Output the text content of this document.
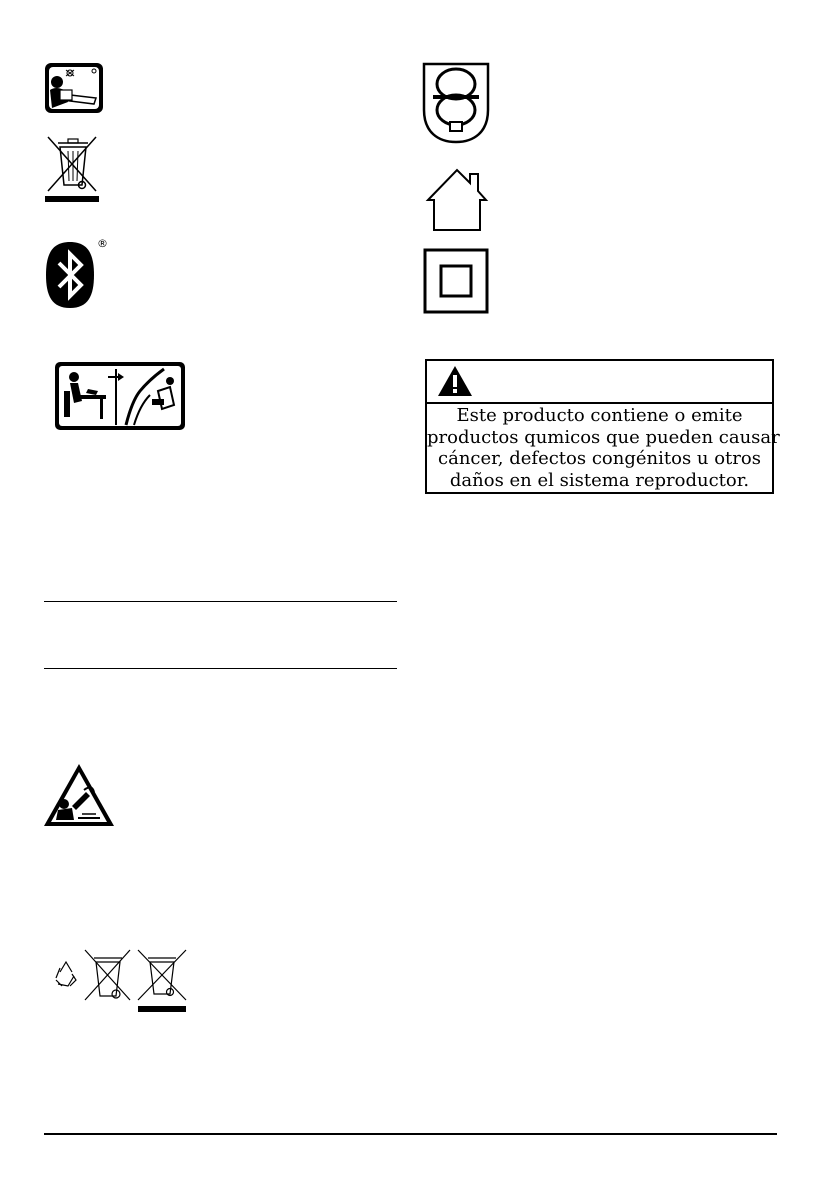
®
Este producto contiene o emite
productos qumicos que pueden causar
cáncer, defectos congénitos u otros
daños en el sistema reproductor.
